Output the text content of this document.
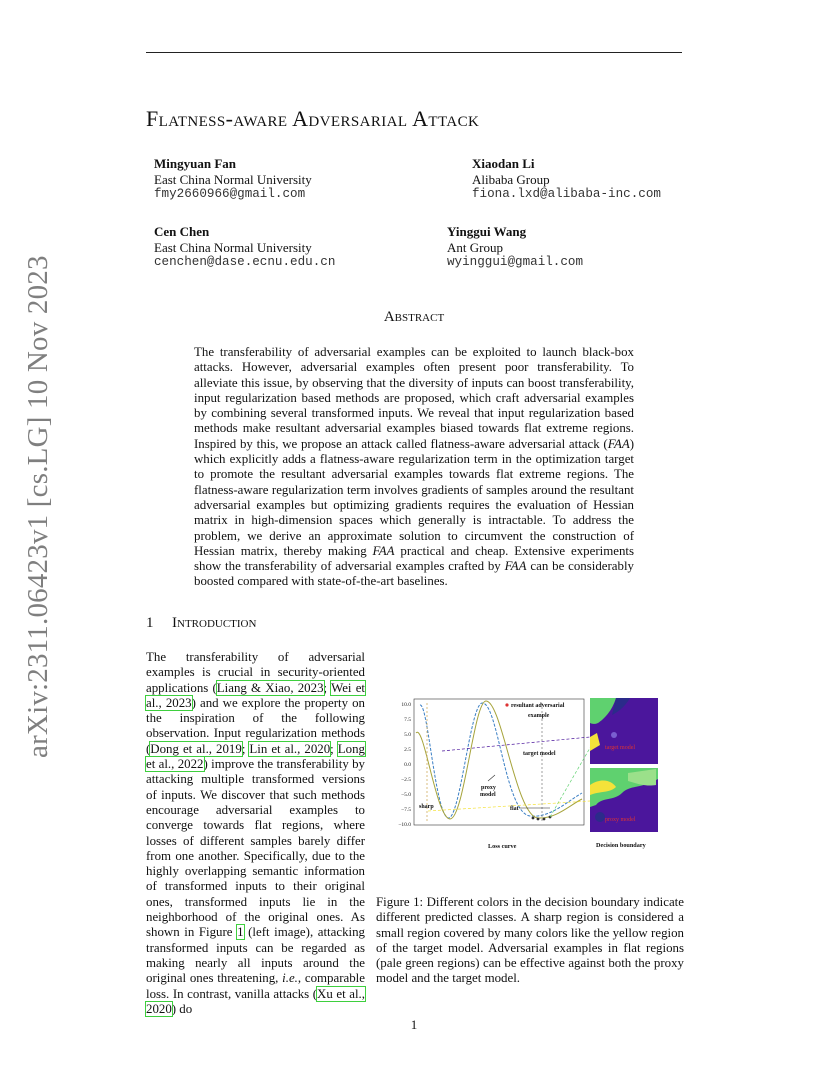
arXiv:2311.06423v1 [cs.LG] 10 Nov 2023
Flatness-aware Adversarial Attack
Mingyuan Fan
East China Normal University
fmy2660966@gmail.com
Xiaodan Li
Alibaba Group
fiona.lxd@alibaba-inc.com
Cen Chen
East China Normal University
cenchen@dase.ecnu.edu.cn
Yinggui Wang
Ant Group
wyinggui@gmail.com
Abstract
The transferability of adversarial examples can be exploited to launch black-box attacks. However, adversarial examples often present poor transferability. To alleviate this issue, by observing that the diversity of inputs can boost transferability, input regularization based methods are proposed, which craft adversarial examples by combining several transformed inputs. We reveal that input regularization based methods make resultant adversarial examples biased towards flat extreme regions. Inspired by this, we propose an attack called flatness-aware adversarial attack (FAA) which explicitly adds a flatness-aware regularization term in the optimization target to promote the resultant adversarial examples towards flat extreme regions. The flatness-aware regularization term involves gradients of samples around the resultant adversarial examples but optimizing gradients requires the evaluation of Hessian matrix in high-dimension spaces which generally is intractable. To address the problem, we derive an approximate solution to circumvent the construction of Hessian matrix, thereby making FAA practical and cheap. Extensive experiments show the transferability of adversarial examples crafted by FAA can be considerably boosted compared with state-of-the-art baselines.
1 Introduction
The transferability of adversarial examples is crucial in security-oriented applications (Liang & Xiao, 2023; Wei et al., 2023) and we explore the property on the inspiration of the following observation. Input regularization methods (Dong et al., 2019; Lin et al., 2020; Long et al., 2022) improve the transferability by attacking multiple transformed versions of inputs. We discover that such methods encourage adversarial examples to converge towards flat regions, where losses of different samples barely differ from one another. Specifically, due to the highly overlapping semantic information of transformed inputs to their original ones, transformed inputs lie in the neighborhood of the original ones. As shown in Figure 1 (left image), attacking transformed inputs can be regarded as making nearly all inputs around the original ones threatening, i.e., comparable loss. In contrast, vanilla attacks (Xu et al., 2020) do
10.0
7.5
5.0
2.5
0.0
−2.5
−5.0
−7.5
−10.0
resultant adversarial
example
target model
proxy
model
sharp	flat
target model
proxy model
Loss curve	Decision boundary
Figure 1: Different colors in the decision boundary indicate different predicted classes. A sharp region is considered a small region covered by many colors like the yellow region of the target model. Adversarial examples in flat regions (pale green regions) can be effective against both the proxy model and the target model.
1
